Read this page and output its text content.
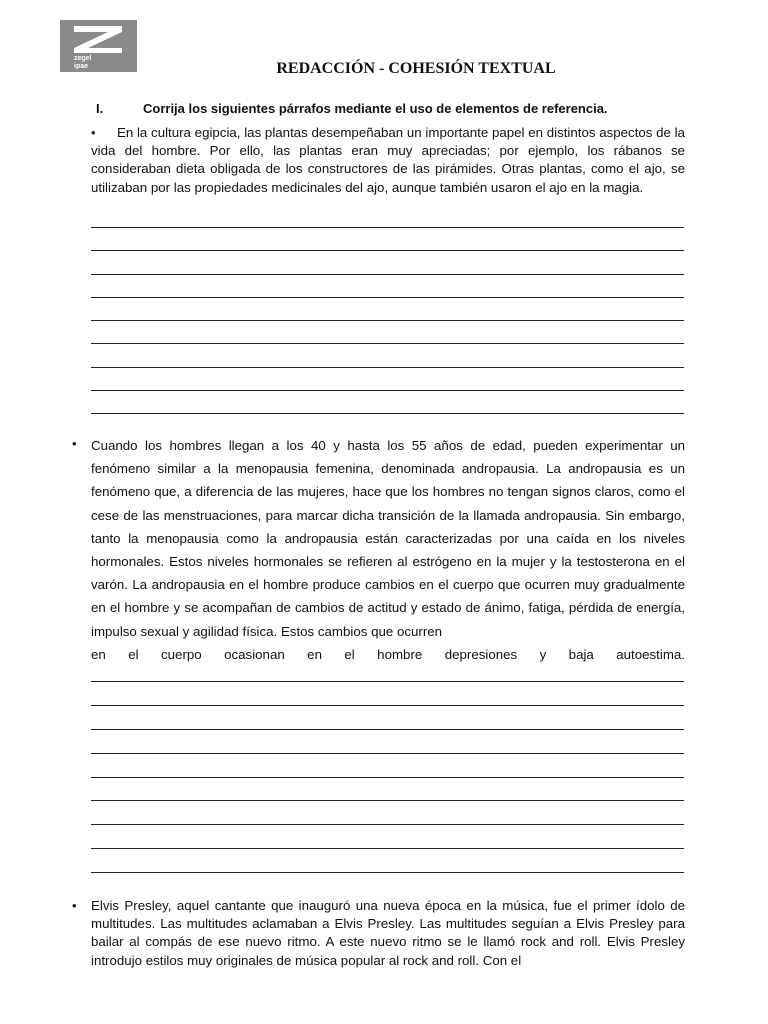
zegel
ipae	REDACCIÓN - COHESIÓN TEXTUAL
I.	Corrija los siguientes párrafos mediante el uso de elementos de referencia.

• En la cultura egipcia, las plantas desempeñaban un importante papel en distintos aspectos de la vida del hombre. Por ello, las plantas eran muy apreciadas; por ejemplo, los rábanos se consideraban dieta obligada de los constructores de las pirámides. Otras plantas, como el ajo, se utilizaban por las propiedades medicinales del ajo, aunque también usaron el ajo en la magia.

• Cuando los hombres llegan a los 40 y hasta los 55 años de edad, pueden experimentar un fenómeno similar a la menopausia femenina, denominada andropausia. La andropausia es un fenómeno que, a diferencia de las mujeres, hace que los hombres no tengan signos claros, como el cese de las menstruaciones, para marcar dicha transición de la llamada andropausia. Sin embargo, tanto la menopausia como la andropausia están caracterizadas por una caída en los niveles hormonales. Estos niveles hormonales se refieren al estrógeno en la mujer y la testosterona en el varón. La andropausia en el hombre produce cambios en el cuerpo que ocurren muy gradualmente en el hombre y se acompañan de cambios de actitud y estado de ánimo, fatiga, pérdida de energía, impulso sexual y agilidad física. Estos cambios que ocurren
en el cuerpo ocasionan en el hombre depresiones y baja autoestima.

• Elvis Presley, aquel cantante que inauguró una nueva época en la música, fue el primer ídolo de multitudes. Las multitudes aclamaban a Elvis Presley. Las multitudes seguían a Elvis Presley para bailar al compás de ese nuevo ritmo. A este nuevo ritmo se le llamó rock and roll. Elvis Presley introdujo estilos muy originales de música popular al rock and roll. Con el
